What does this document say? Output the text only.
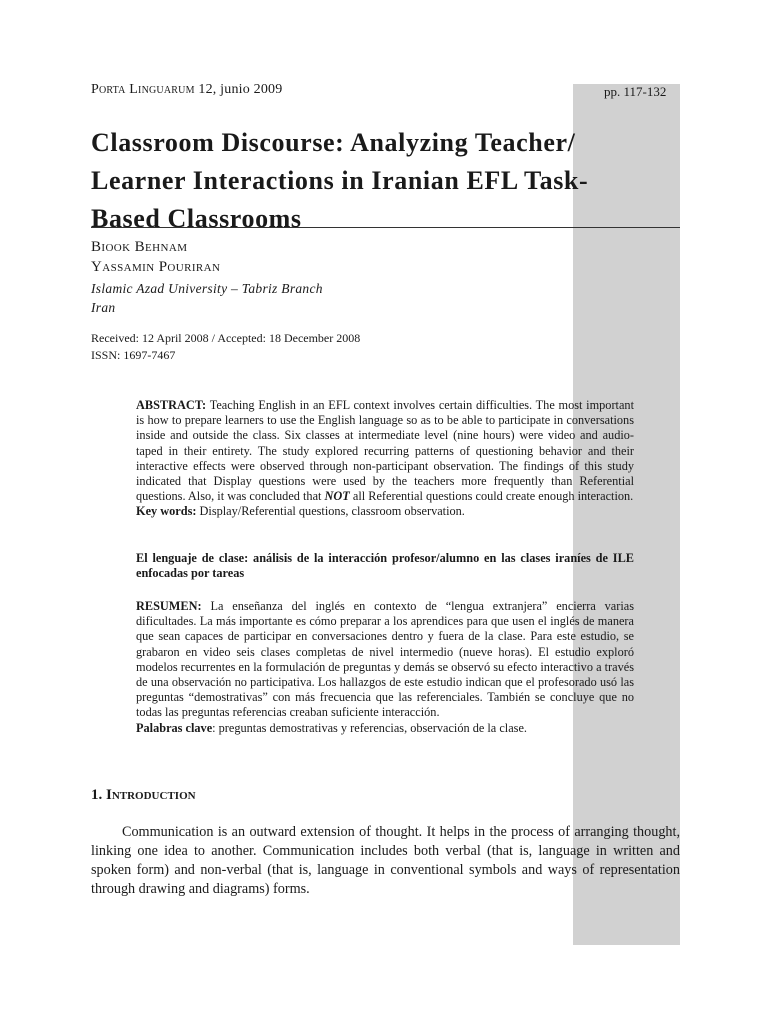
Porta Linguarum 12, junio 2009	pp. 117-132
Classroom Discourse: Analyzing Teacher/ Learner Interactions in Iranian EFL Task-Based Classrooms
Biook Behnam
Yassamin Pouriran
Islamic Azad University – Tabriz Branch
Iran
Received: 12 April 2008 / Accepted: 18 December 2008
ISSN: 1697-7467

ABSTRACT: Teaching English in an EFL context involves certain difficulties. The most important is how to prepare learners to use the English language so as to be able to participate in conversations inside and outside the class. Six classes at intermediate level (nine hours) were video and audio-taped in their entirety. The study explored recurring patterns of questioning behavior and their interactive effects were observed through non-participant observation. The findings of this study indicated that Display questions were used by the teachers more frequently than Referential questions. Also, it was concluded that NOT all Referential questions could create enough interaction.
Key words: Display/Referential questions, classroom observation.

El lenguaje de clase: análisis de la interacción profesor/alumno en las clases iraníes de ILE enfocadas por tareas

RESUMEN: La enseñanza del inglés en contexto de “lengua extranjera” encierra varias dificultades. La más importante es cómo preparar a los aprendices para que usen el inglés de manera que sean capaces de participar en conversaciones dentro y fuera de la clase. Para este estudio, se grabaron en video seis clases completas de nivel intermedio (nueve horas). El estudio exploró modelos recurrentes en la formulación de preguntas y demás se observó su efecto interactivo a través de una observación no participativa. Los hallazgos de este estudio indican que el profesorado usó las preguntas “demostrativas” con más frecuencia que las referenciales. También se concluye que no todas las preguntas referencias creaban suficiente interacción.
Palabras clave: preguntas demostrativas y referencias, observación de la clase.

1. Introduction

Communication is an outward extension of thought. It helps in the process of arranging thought, linking one idea to another. Communication includes both verbal (that is, language in written and spoken form) and non-verbal (that is, language in conventional symbols and ways of representation through drawing and diagrams) forms.
